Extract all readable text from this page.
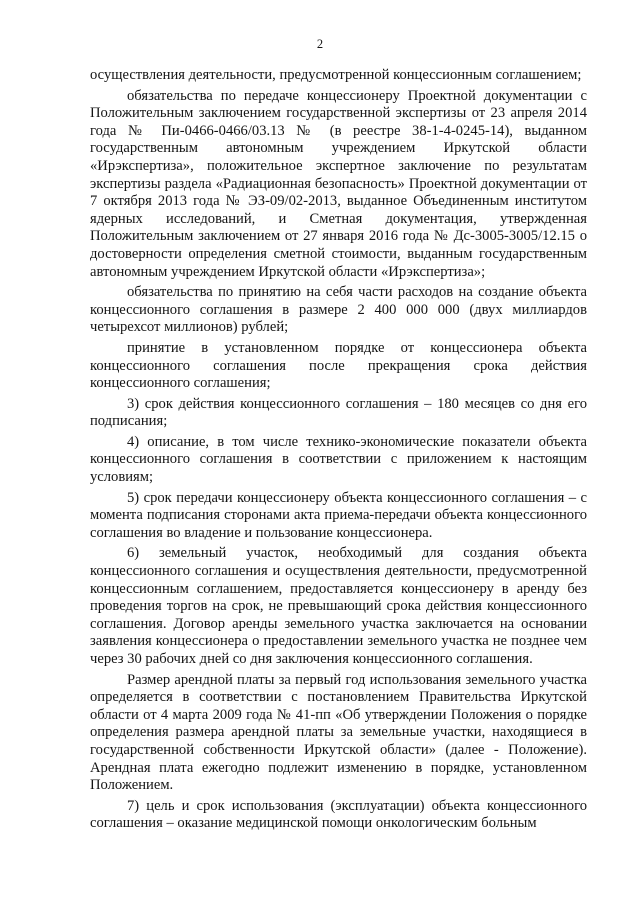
2

осуществления деятельности, предусмотренной концессионным соглашением;

обязательства по передаче концессионеру Проектной документации с Положительным заключением государственной экспертизы от 23 апреля 2014 года № Пи-0466-0466/03.13 № (в реестре 38-1-4-0245-14), выданном государственным автономным учреждением Иркутской области «Ирэкспертиза», положительное экспертное заключение по результатам экспертизы раздела «Радиационная безопасность» Проектной документации от 7 октября 2013 года № ЭЗ-09/02-2013, выданное Объединенным институтом ядерных исследований, и Сметная документация, утвержденная Положительным заключением от 27 января 2016 года № Дс-3005-3005/12.15 о достоверности определения сметной стоимости, выданным государственным автономным учреждением Иркутской области «Ирэкспертиза»;

обязательства по принятию на себя части расходов на создание объекта концессионного соглашения в размере 2 400 000 000 (двух миллиардов четырехсот миллионов) рублей;

принятие в установленном порядке от концессионера объекта концессионного соглашения после прекращения срока действия концессионного соглашения;

3) срок действия концессионного соглашения – 180 месяцев со дня его подписания;

4) описание, в том числе технико-экономические показатели объекта концессионного соглашения в соответствии с приложением к настоящим условиям;

5) срок передачи концессионеру объекта концессионного соглашения – с момента подписания сторонами акта приема-передачи объекта концессионного соглашения во владение и пользование концессионера.

6) земельный участок, необходимый для создания объекта концессионного соглашения и осуществления деятельности, предусмотренной концессионным соглашением, предоставляется концессионеру в аренду без проведения торгов на срок, не превышающий срока действия концессионного соглашения. Договор аренды земельного участка заключается на основании заявления концессионера о предоставлении земельного участка не позднее чем через 30 рабочих дней со дня заключения концессионного соглашения.

Размер арендной платы за первый год использования земельного участка определяется в соответствии с постановлением Правительства Иркутской области от 4 марта 2009 года № 41-пп «Об утверждении Положения о порядке определения размера арендной платы за земельные участки, находящиеся в государственной собственности Иркутской области» (далее - Положение). Арендная плата ежегодно подлежит изменению в порядке, установленном Положением.

7) цель и срок использования (эксплуатации) объекта концессионного соглашения – оказание медицинской помощи онкологическим больным
